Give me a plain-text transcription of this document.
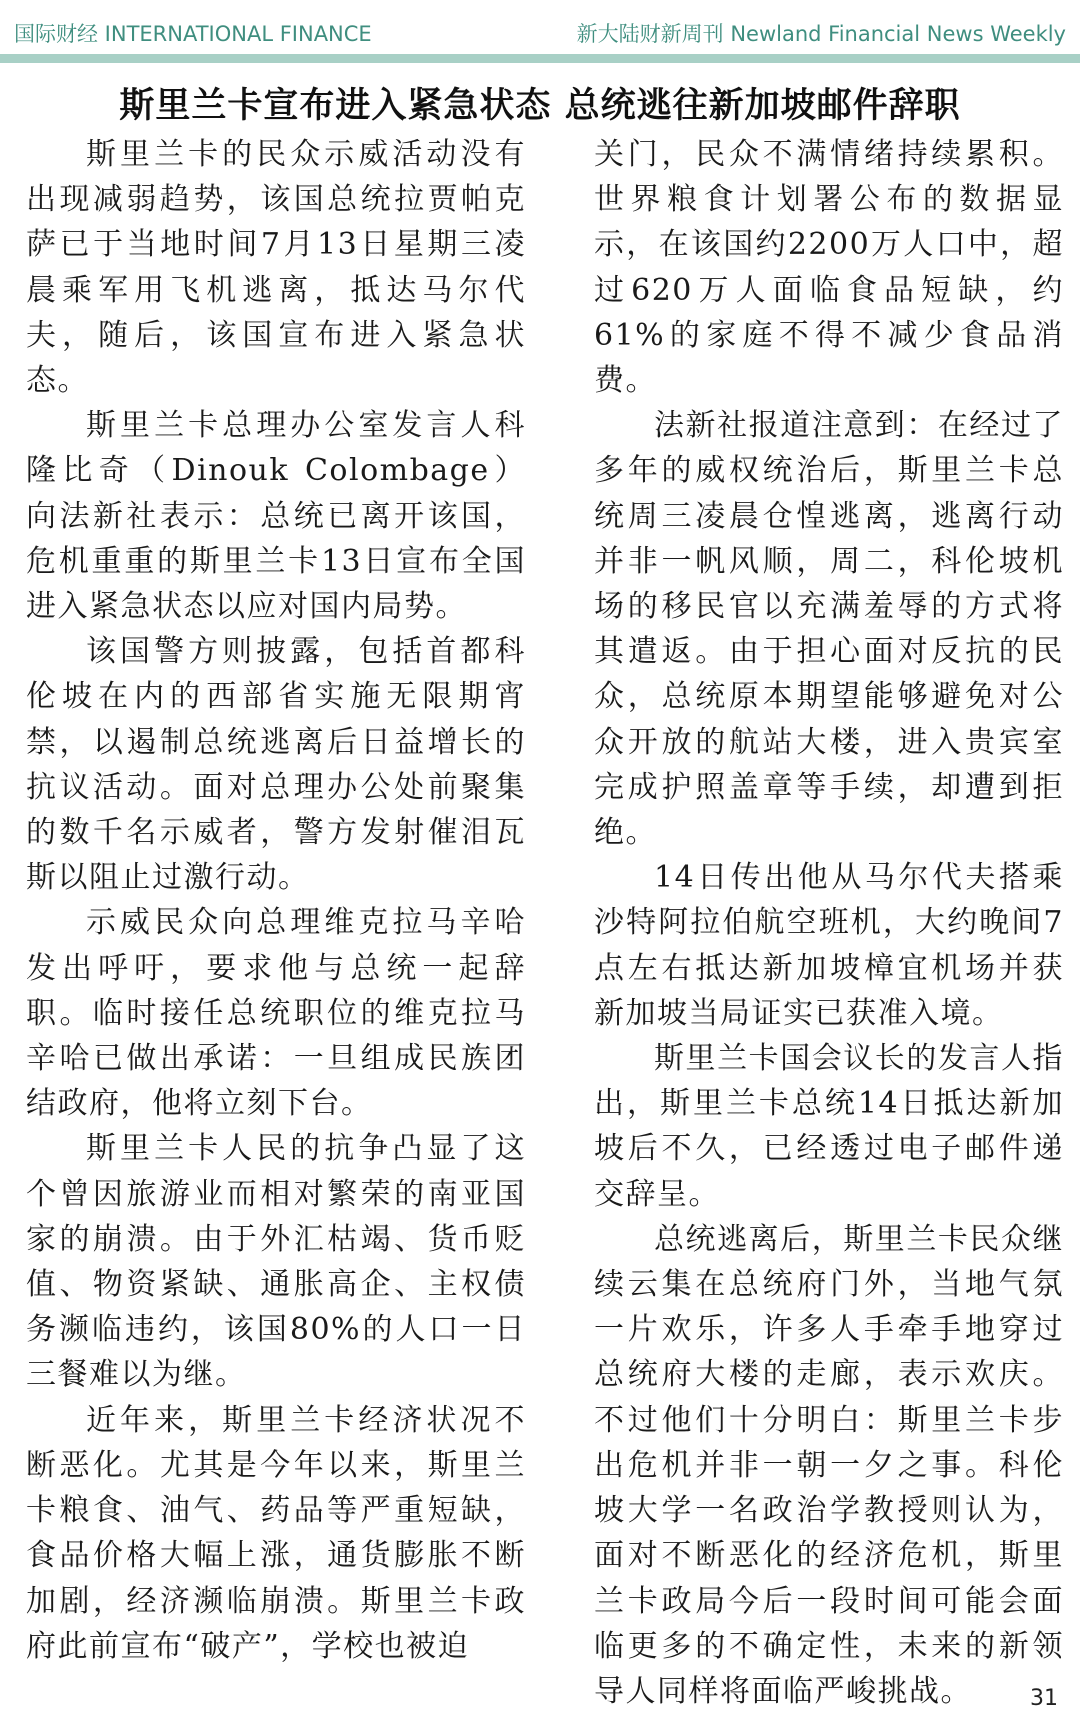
国际财经 INTERNATIONAL FINANCE	新大陆财新周刊 Newland Financial News Weekly
斯里兰卡宣布进入紧急状态 总统逃往新加坡邮件辞职

斯里兰卡的民众示威活动没有出现减弱趋势，该国总统拉贾帕克萨已于当地时间7月13日星期三凌晨乘军用飞机逃离，抵达马尔代夫，随后，该国宣布进入紧急状态。

斯里兰卡总理办公室发言人科隆比奇（Dinouk Colombage）向法新社表示：总统已离开该国，危机重重的斯里兰卡13日宣布全国进入紧急状态以应对国内局势。

该国警方则披露，包括首都科伦坡在内的西部省实施无限期宵禁，以遏制总统逃离后日益增长的抗议活动。面对总理办公处前聚集的数千名示威者，警方发射催泪瓦斯以阻止过激行动。

示威民众向总理维克拉马辛哈发出呼吁，要求他与总统一起辞职。临时接任总统职位的维克拉马辛哈已做出承诺：一旦组成民族团结政府，他将立刻下台。

斯里兰卡人民的抗争凸显了这个曾因旅游业而相对繁荣的南亚国家的崩溃。由于外汇枯竭、货币贬值、物资紧缺、通胀高企、主权债务濒临违约，该国80%的人口一日三餐难以为继。

近年来，斯里兰卡经济状况不断恶化。尤其是今年以来，斯里兰卡粮食、油气、药品等严重短缺，食品价格大幅上涨，通货膨胀不断加剧，经济濒临崩溃。斯里兰卡政府此前宣布“破产”，学校也被迫

关门，民众不满情绪持续累积。世界粮食计划署公布的数据显示，在该国约2200万人口中，超过620万人面临食品短缺，约61%的家庭不得不减少食品消费。

法新社报道注意到：在经过了多年的威权统治后，斯里兰卡总统周三凌晨仓惶逃离，逃离行动并非一帆风顺，周二，科伦坡机场的移民官以充满羞辱的方式将其遣返。由于担心面对反抗的民众，总统原本期望能够避免对公众开放的航站大楼，进入贵宾室完成护照盖章等手续，却遭到拒绝。

14日传出他从马尔代夫搭乘沙特阿拉伯航空班机，大约晚间7点左右抵达新加坡樟宜机场并获新加坡当局证实已获准入境。

斯里兰卡国会议长的发言人指出，斯里兰卡总统14日抵达新加坡后不久，已经透过电子邮件递交辞呈。

总统逃离后，斯里兰卡民众继续云集在总统府门外，当地气氛一片欢乐，许多人手牵手地穿过总统府大楼的走廊，表示欢庆。不过他们十分明白：斯里兰卡步出危机并非一朝一夕之事。科伦坡大学一名政治学教授则认为，面对不断恶化的经济危机，斯里兰卡政局今后一段时间可能会面临更多的不确定性，未来的新领导人同样将面临严峻挑战。	31
